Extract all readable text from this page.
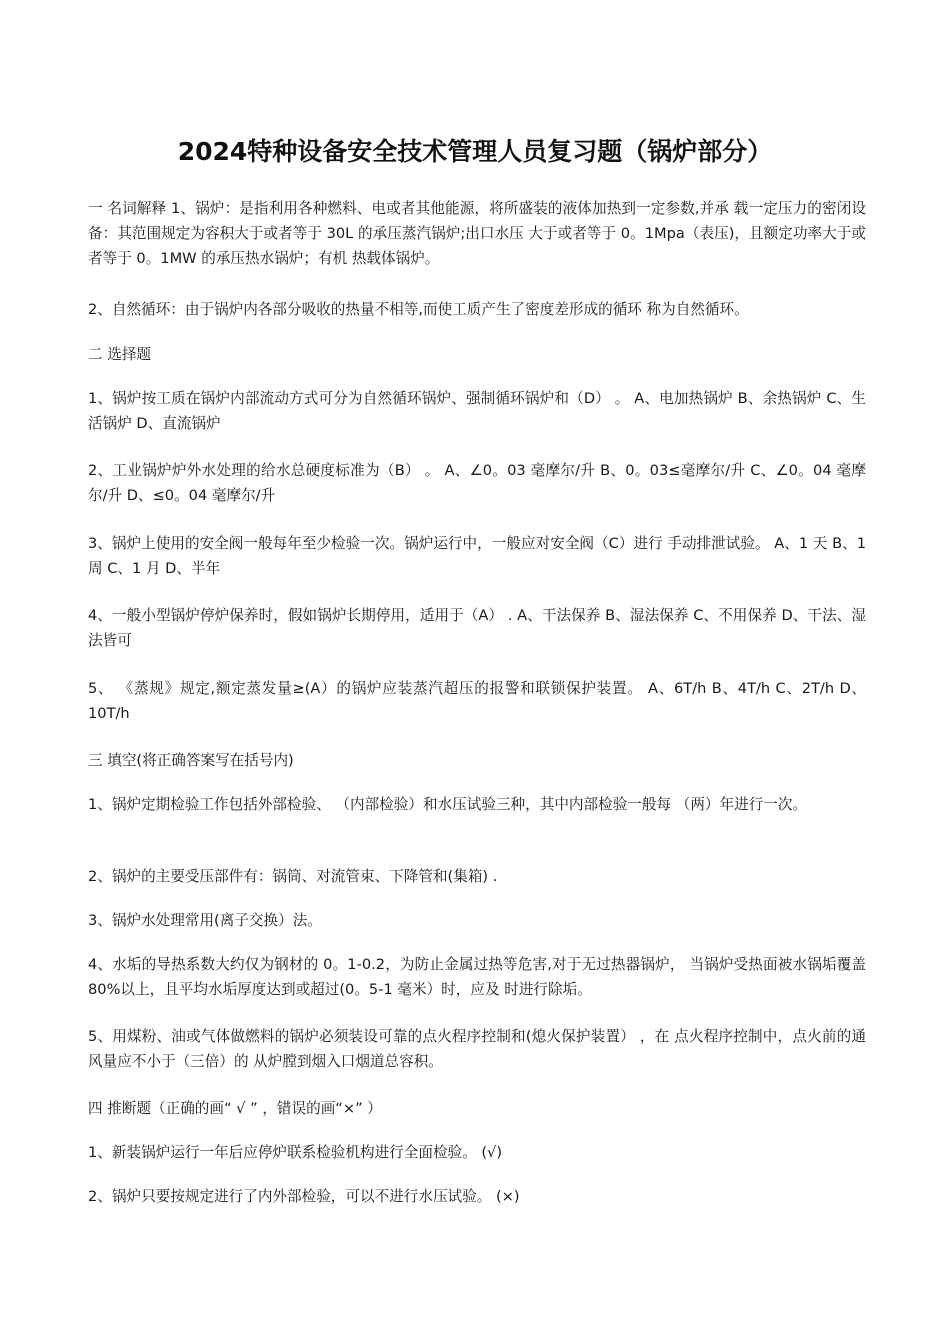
2024特种设备安全技术管理人员复习题（锅炉部分）
一 名词解释 1、锅炉：是指利用各种燃料、电或者其他能源，将所盛装的液体加热到一定参数,并承 载一定压力的密闭设备：其范围规定为容积大于或者等于 30L 的承压蒸汽锅炉;出口水压 大于或者等于 0。1Mpa（表压)，且额定功率大于或者等于 0。1MW 的承压热水锅炉；有机 热载体锅炉。
2、自然循环：由于锅炉内各部分吸收的热量不相等,而使工质产生了密度差形成的循环 称为自然循环。
二 选择题
1、锅炉按工质在锅炉内部流动方式可分为自然循环锅炉、强制循环锅炉和（D） 。 A、电加热锅炉 B、余热锅炉 C、生活锅炉 D、直流锅炉
2、工业锅炉炉外水处理的给水总硬度标准为（B） 。 A、∠0。03 毫摩尔/升 B、0。03≤毫摩尔/升 C、∠0。04 毫摩尔/升 D、≤0。04 毫摩尔/升
3、锅炉上使用的安全阀一般每年至少检验一次。锅炉运行中，一般应对安全阀（C）进行 手动排泄试验。 A、1 天 B、1 周 C、1 月 D、半年
4、一般小型锅炉停炉保养时，假如锅炉长期停用，适用于（A） . A、干法保养 B、湿法保养 C、不用保养 D、干法、湿法皆可
5、 《蒸规》规定,额定蒸发量≥(A）的锅炉应装蒸汽超压的报警和联锁保护装置。 A、6T/h B、4T/h C、2T/h D、10T/h
三 填空(将正确答案写在括号内)
1、锅炉定期检验工作包括外部检验、 （内部检验）和水压试验三种，其中内部检验一般每 （两）年进行一次。
2、锅炉的主要受压部件有：锅筒、对流管束、下降管和(集箱) .
3、锅炉水处理常用(离子交换）法。
4、水垢的导热系数大约仅为钢材的 0。1-0.2，为防止金属过热等危害,对于无过热器锅炉， 当锅炉受热面被水锅垢覆盖 80%以上，且平均水垢厚度达到或超过(0。5-1 毫米）时，应及 时进行除垢。
5、用煤粉、油或气体做燃料的锅炉必须装设可靠的点火程序控制和(熄火保护装置） ，在 点火程序控制中，点火前的通风量应不小于（三倍）的 从炉膛到烟入口烟道总容积。
四 推断题（正确的画“ √ ” ，错误的画“×” ）
1、新装锅炉运行一年后应停炉联系检验机构进行全面检验。 (√)
2、锅炉只要按规定进行了内外部检验，可以不进行水压试验。 (×)
